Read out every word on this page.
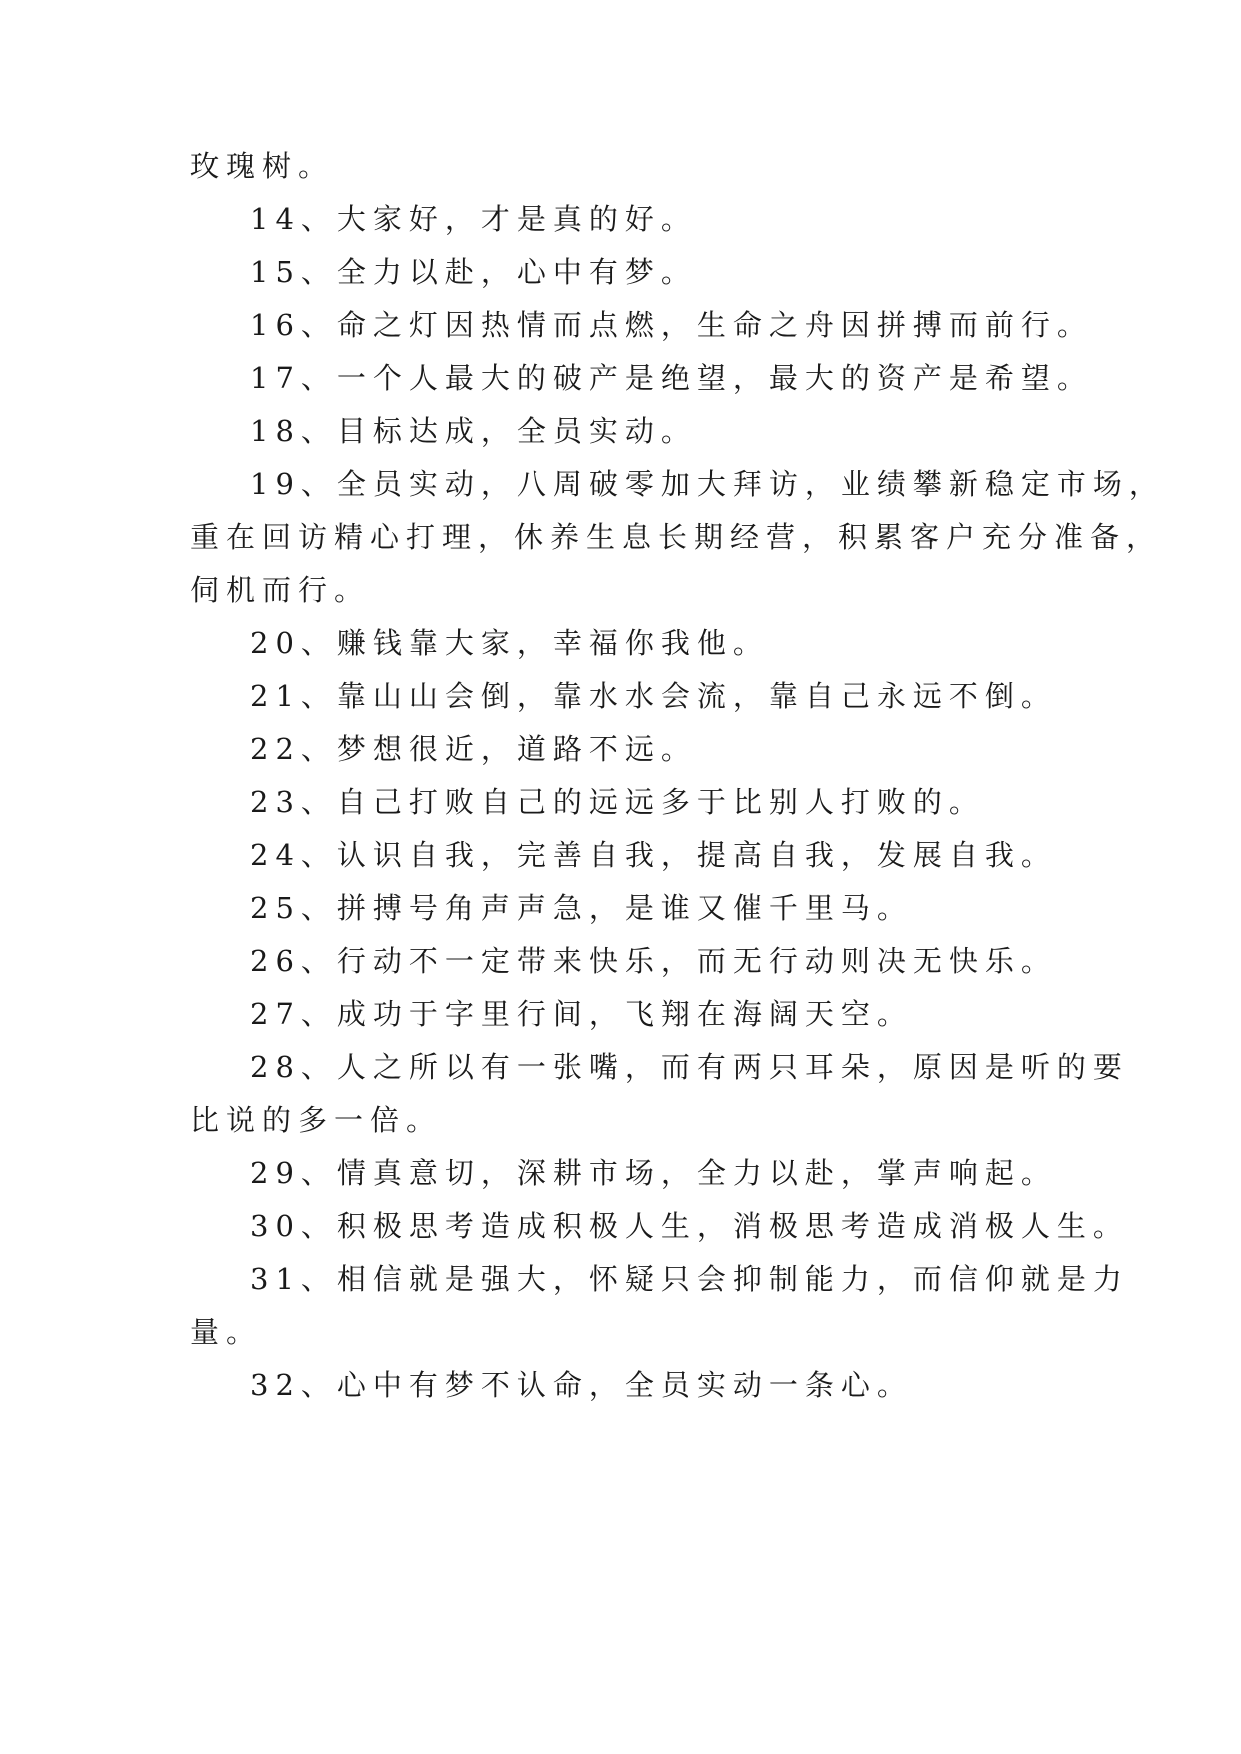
玫瑰树。
14、大家好，才是真的好。
15、全力以赴，心中有梦。
16、命之灯因热情而点燃，生命之舟因拼搏而前行。
17、一个人最大的破产是绝望，最大的资产是希望。
18、目标达成，全员实动。
19、全员实动，八周破零加大拜访，业绩攀新稳定市场，
重在回访精心打理，休养生息长期经营，积累客户充分准备，
伺机而行。
20、赚钱靠大家，幸福你我他。
21、靠山山会倒，靠水水会流，靠自己永远不倒。
22、梦想很近，道路不远。
23、自己打败自己的远远多于比别人打败的。
24、认识自我，完善自我，提高自我，发展自我。
25、拼搏号角声声急，是谁又催千里马。
26、行动不一定带来快乐，而无行动则决无快乐。
27、成功于字里行间，飞翔在海阔天空。
28、人之所以有一张嘴，而有两只耳朵，原因是听的要
比说的多一倍。
29、情真意切，深耕市场，全力以赴，掌声响起。
30、积极思考造成积极人生，消极思考造成消极人生。
31、相信就是强大，怀疑只会抑制能力，而信仰就是力
量。
32、心中有梦不认命，全员实动一条心。
